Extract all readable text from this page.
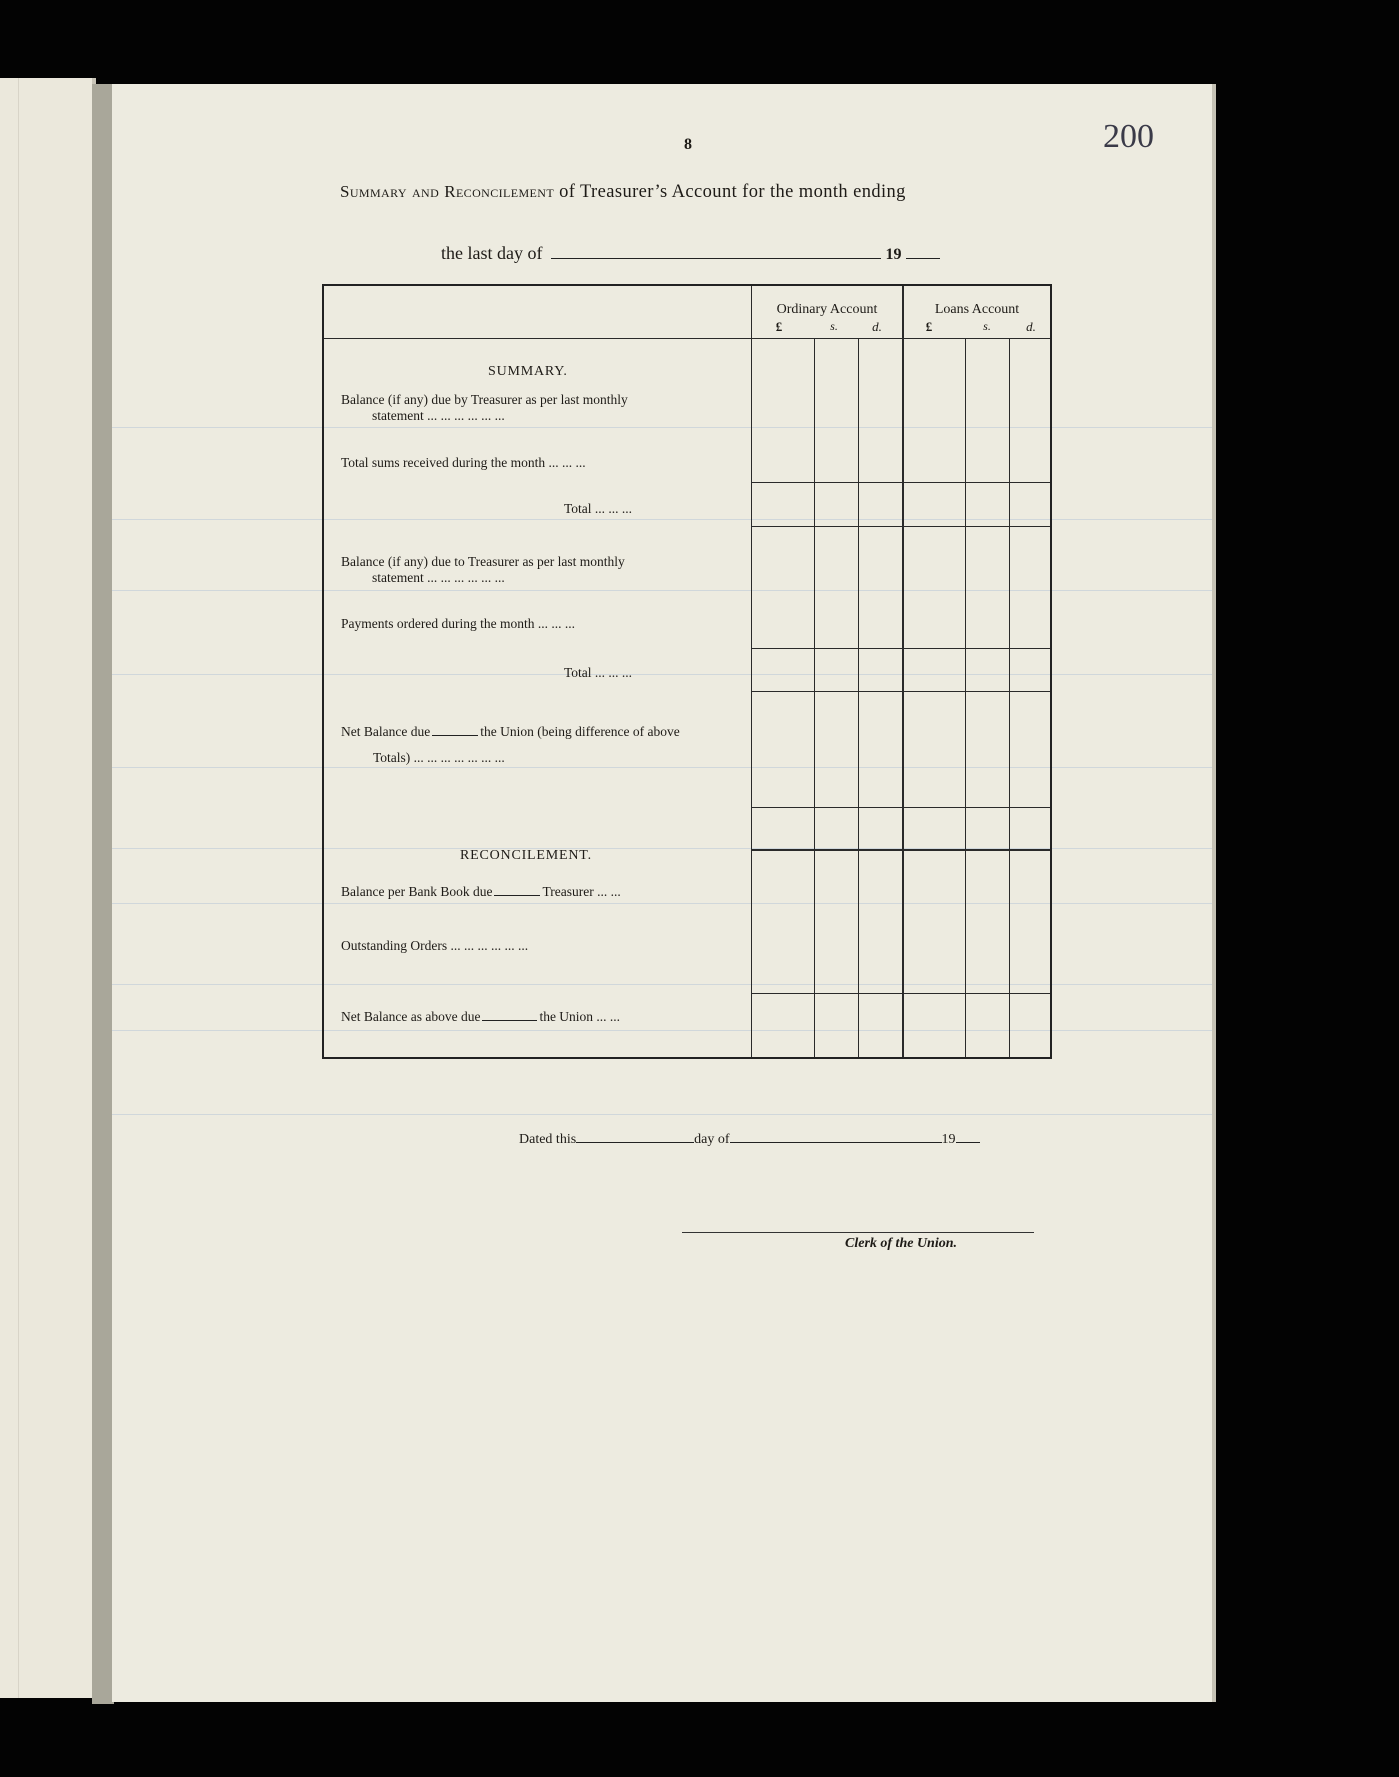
200
8
Summary and Reconcilement of Treasurer’s Account for the month ending
the last day of	19
Ordinary Account	Loans Account
£	s.	d.	£	s.	d.
SUMMARY.
Balance (if any) due by Treasurer as per last monthly
statement ... ... ... ... ... ...
Total sums received during the month ... ... ...
Total ... ... ...
Balance (if any) due to Treasurer as per last monthly
statement ... ... ... ... ... ...
Payments ordered during the month ... ... ...
Total ... ... ...
Net Balance due	the Union (being difference of above
Totals) ... ... ... ... ... ... ...
RECONCILEMENT.
Balance per Bank Book due	Treasurer ... ...
Outstanding Orders ... ... ... ... ... ...
Net Balance as above due	the Union ... ...
Dated this	day of	19
Clerk of the Union.
